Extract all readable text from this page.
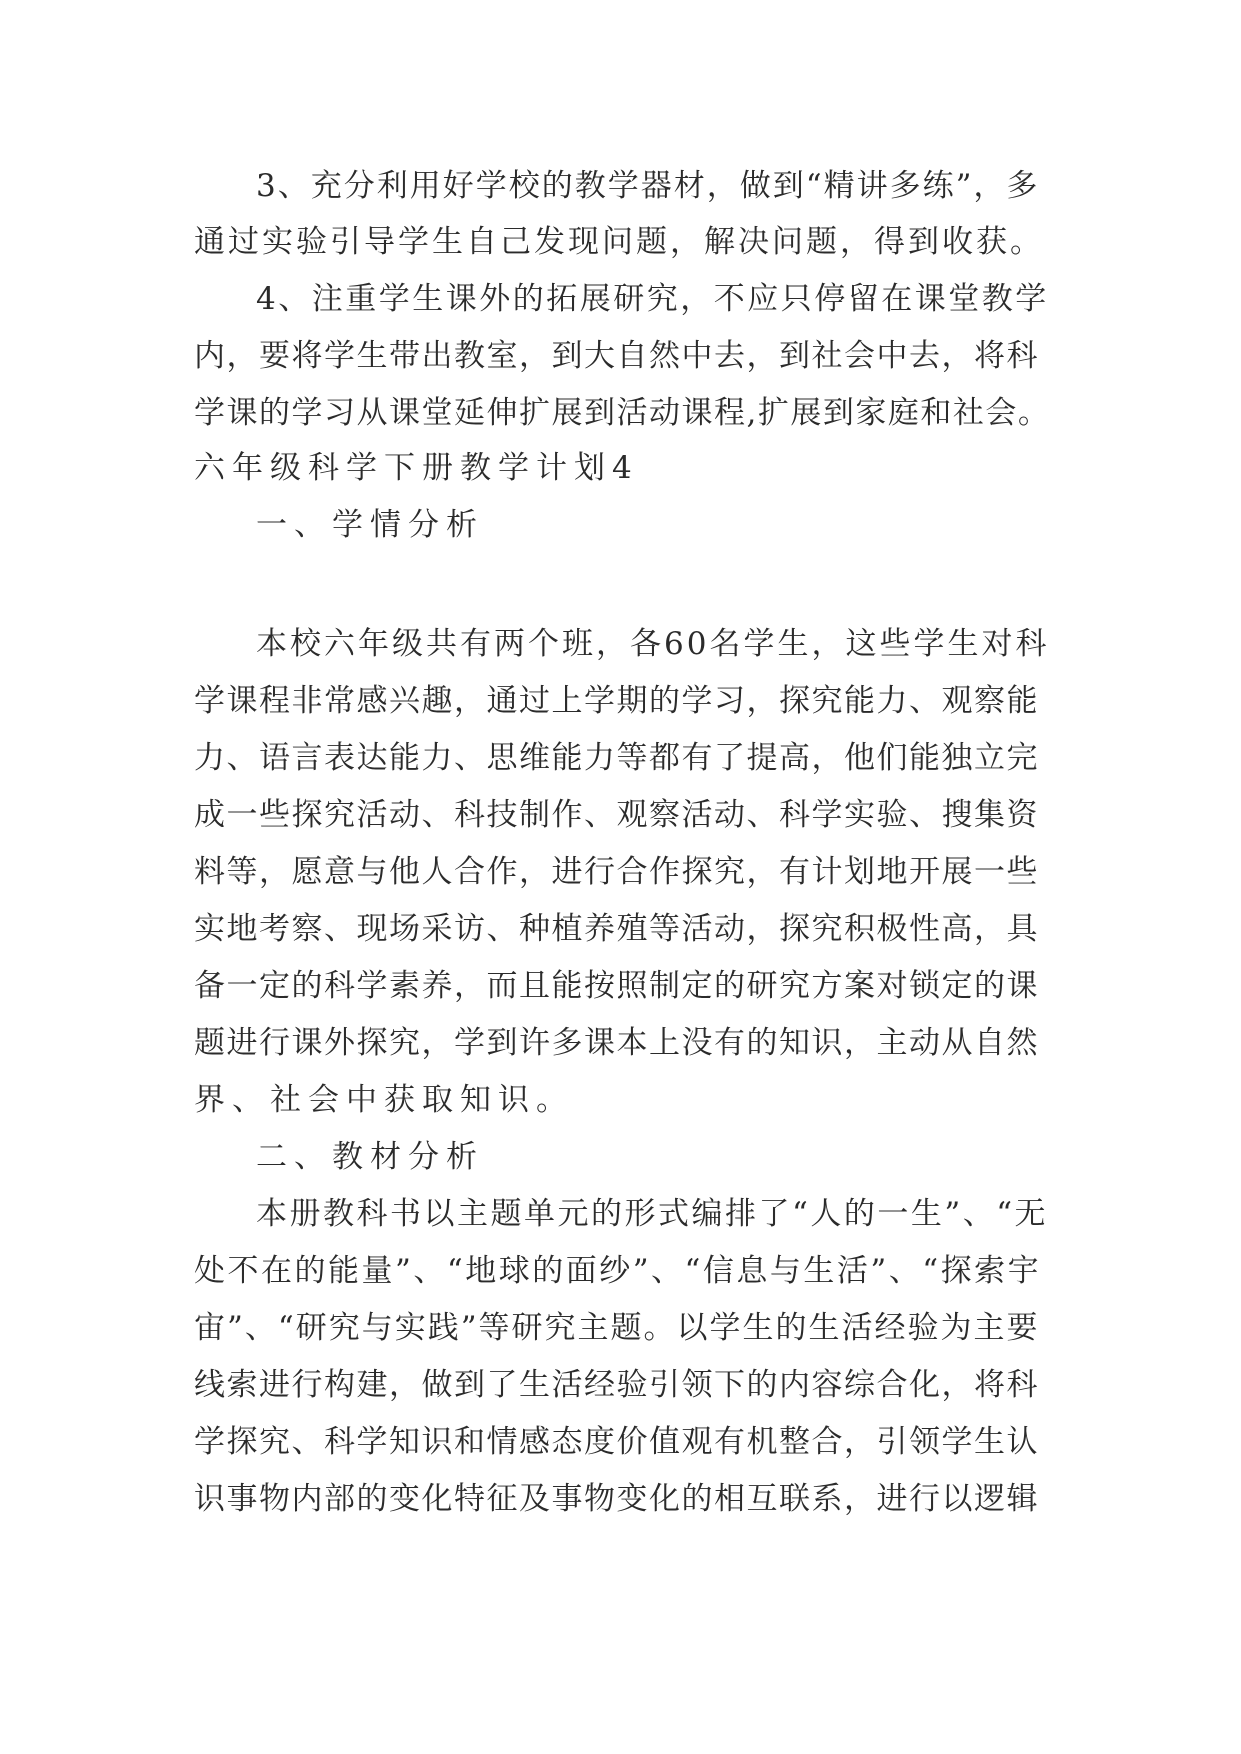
3、充分利用好学校的教学器材，做到“精讲多练”，多

通过实验引导学生自己发现问题，解决问题，得到收获。

4、注重学生课外的拓展研究，不应只停留在课堂教学

内，要将学生带出教室，到大自然中去，到社会中去，将科

学课的学习从课堂延伸扩展到活动课程,扩展到家庭和社会。

六年级科学下册教学计划4

一、学情分析

本校六年级共有两个班，各60名学生，这些学生对科

学课程非常感兴趣，通过上学期的学习，探究能力、观察能

力、语言表达能力、思维能力等都有了提高，他们能独立完

成一些探究活动、科技制作、观察活动、科学实验、搜集资

料等，愿意与他人合作，进行合作探究，有计划地开展一些

实地考察、现场采访、种植养殖等活动，探究积极性高，具

备一定的科学素养，而且能按照制定的研究方案对锁定的课

题进行课外探究，学到许多课本上没有的知识，主动从自然

界、社会中获取知识。

二、教材分析

本册教科书以主题单元的形式编排了“人的一生”、“无

处不在的能量”、“地球的面纱”、“信息与生活”、“探索宇

宙”、“研究与实践”等研究主题。以学生的生活经验为主要

线索进行构建，做到了生活经验引领下的内容综合化，将科

学探究、科学知识和情感态度价值观有机整合，引领学生认

识事物内部的变化特征及事物变化的相互联系，进行以逻辑
